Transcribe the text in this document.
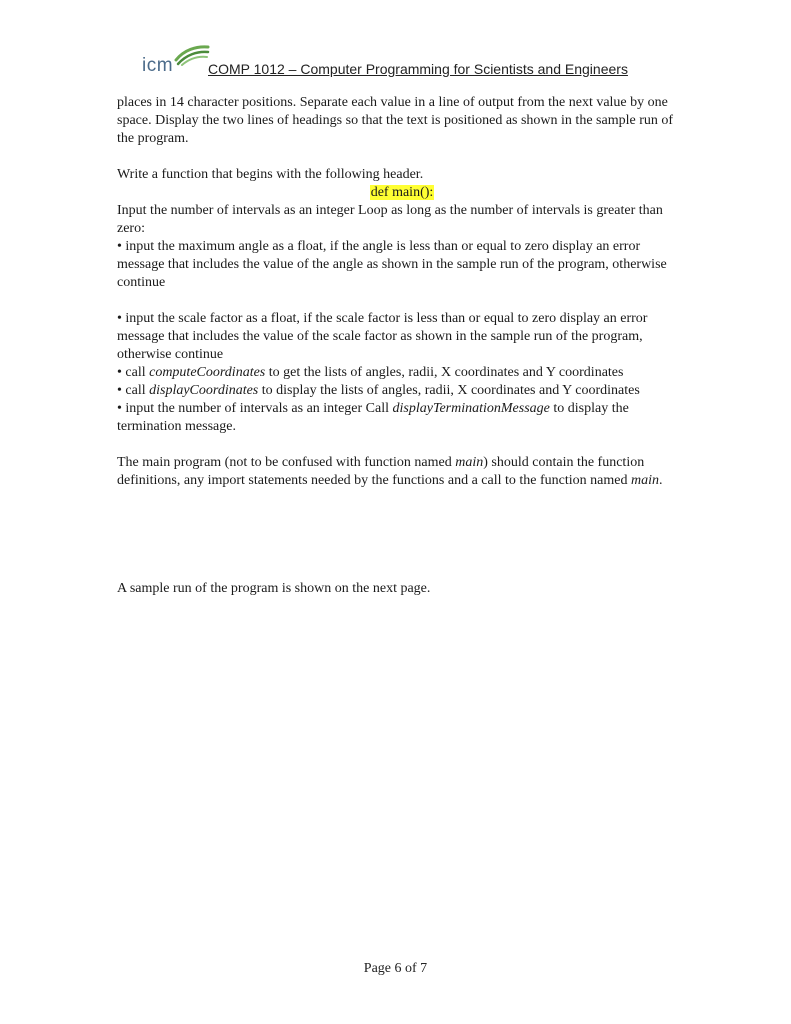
icm COMP 1012 – Computer Programming for Scientists and Engineers

places in 14 character positions. Separate each value in a line of output from the next value by one space. Display the two lines of headings so that the text is positioned as shown in the sample run of the program.

Write a function that begins with the following header.

def main():

Input the number of intervals as an integer Loop as long as the number of intervals is greater than zero:

• input the maximum angle as a float, if the angle is less than or equal to zero display an error message that includes the value of the angle as shown in the sample run of the program, otherwise continue

• input the scale factor as a float, if the scale factor is less than or equal to zero display an error message that includes the value of the scale factor as shown in the sample run of the program, otherwise continue

• call computeCoordinates to get the lists of angles, radii, X coordinates and Y coordinates

• call displayCoordinates to display the lists of angles, radii, X coordinates and Y coordinates

• input the number of intervals as an integer Call displayTerminationMessage to display the termination message.

The main program (not to be confused with function named main) should contain the function definitions, any import statements needed by the functions and a call to the function named main.

A sample run of the program is shown on the next page.

Page 6 of 7
